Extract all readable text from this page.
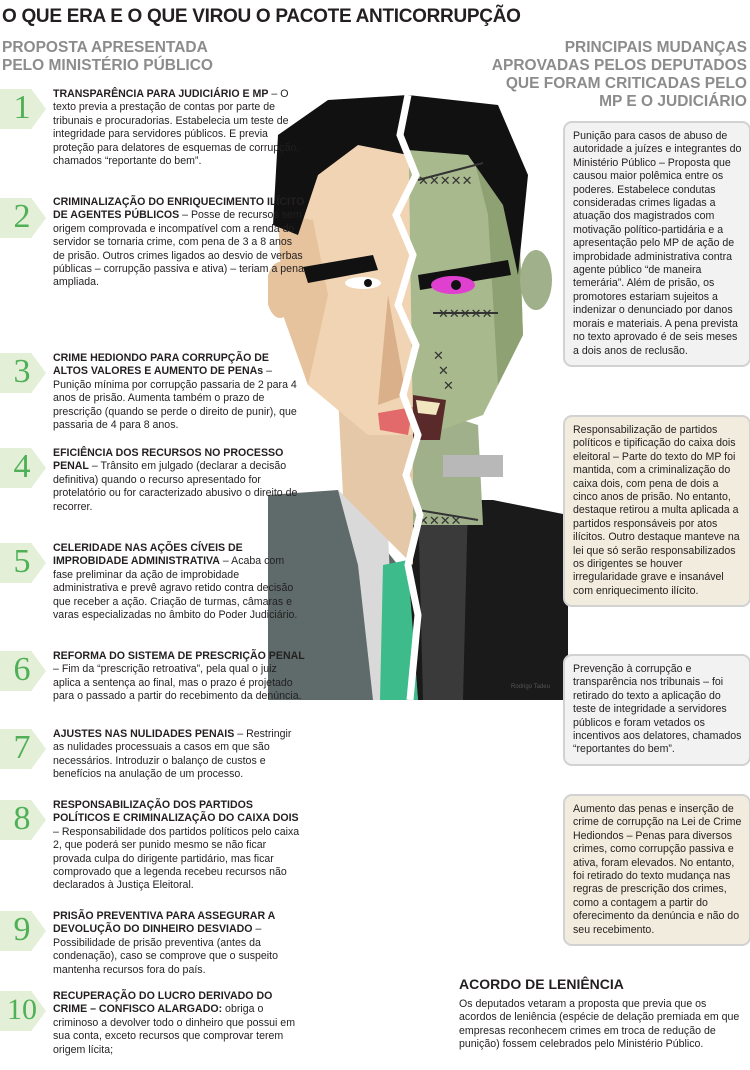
O QUE ERA E O QUE VIROU O PACOTE ANTICORRUPÇÃO
PROPOSTA APRESENTADA
PELO MINISTÉRIO PÚBLICO
PRINCIPAIS MUDANÇAS
APROVADAS PELOS DEPUTADOS
QUE FORAM CRITICADAS PELO
MP E O JUDICIÁRIO
✕✕✕✕✕
✕✕✕✕✕
✕✕✕✕
✕
✕
✕
Rodrigo Tadeu
1	TRANSPARÊNCIA PARA JUDICIÁRIO E MP – O texto previa a prestação de contas por parte de tribunais e procuradorias. Estabelecia um teste de integridade para servidores públicos. E previa proteção para delatores de esquemas de corrupção, chamados “reportante do bem”.
2	CRIMINALIZAÇÃO DO ENRIQUECIMENTO ILÍCITO DE AGENTES PÚBLICOS – Posse de recursos sem origem comprovada e incompatível com a renda do servidor se tornaria crime, com pena de 3 a 8 anos de prisão. Outros crimes ligados ao desvio de verbas públicas – corrupção passiva e ativa) – teriam a pena ampliada.
3	CRIME HEDIONDO PARA CORRUPÇÃO DE ALTOS VALORES E AUMENTO DE PENAs – Punição mínima por corrupção passaria de 2 para 4 anos de prisão. Aumenta também o prazo de prescrição (quando se perde o direito de punir), que passaria de 4 para 8 anos.
4	EFICIÊNCIA DOS RECURSOS NO PROCESSO PENAL – Trânsito em julgado (declarar a decisão definitiva) quando o recurso apresentado for protelatório ou for caracterizado abusivo o direito de recorrer.
5	CELERIDADE NAS AÇÕES CÍVEIS DE IMPROBIDADE ADMINISTRATIVA – Acaba com fase preliminar da ação de improbidade administrativa e prevê agravo retido contra decisão que receber a ação. Criação de turmas, câmaras e varas especializadas no âmbito do Poder Judiciário.
6	REFORMA DO SISTEMA DE PRESCRIÇÃO PENAL – Fim da “prescrição retroativa”, pela qual o juiz aplica a sentença ao final, mas o prazo é projetado para o passado a partir do recebimento da denúncia.
7	AJUSTES NAS NULIDADES PENAIS – Restringir as nulidades processuais a casos em que são necessários. Introduzir o balanço de custos e benefícios na anulação de um processo.
8	RESPONSABILIZAÇÃO DOS PARTIDOS POLÍTICOS E CRIMINALIZAÇÃO DO CAIXA DOIS – Responsabilidade dos partidos políticos pelo caixa 2, que poderá ser punido mesmo se não ficar provada culpa do dirigente partidário, mas ficar comprovado que a legenda recebeu recursos não declarados à Justiça Eleitoral.
9	PRISÃO PREVENTIVA PARA ASSEGURAR A DEVOLUÇÃO DO DINHEIRO DESVIADO – Possibilidade de prisão preventiva (antes da condenação), caso se comprove que o suspeito mantenha recursos fora do país.
10	RECUPERAÇÃO DO LUCRO DERIVADO DO CRIME – CONFISCO ALARGADO: obriga o criminoso a devolver todo o dinheiro que possui em sua conta, exceto recursos que comprovar terem origem lícita;
Punição para casos de abuso de autoridade a juízes e integrantes do Ministério Público – Proposta que causou maior polêmica entre os poderes. Estabelece condutas consideradas crimes ligadas a atuação dos magistrados com motivação político-partidária e a apresentação pelo MP de ação de improbidade administrativa contra agente público “de maneira temerária”. Além de prisão, os promotores estariam sujeitos a indenizar o denunciado por danos morais e materiais. A pena prevista no texto aprovado é de seis meses a dois anos de reclusão.
Responsabilização de partidos políticos e tipificação do caixa dois eleitoral – Parte do texto do MP foi mantida, com a criminalização do caixa dois, com pena de dois a cinco anos de prisão. No entanto, destaque retirou a multa aplicada a partidos responsáveis por atos ilícitos. Outro destaque manteve na lei que só serão responsabilizados os dirigentes se houver irregularidade grave e insanável com enriquecimento ilícito.
Prevenção à corrupção e transparência nos tribunais – foi retirado do texto a aplicação do teste de integridade a servidores públicos e foram vetados os incentivos aos delatores, chamados “reportantes do bem”.
Aumento das penas e inserção de crime de corrupção na Lei de Crime Hediondos – Penas para diversos crimes, como corrupção passiva e ativa, foram elevados. No entanto, foi retirado do texto mudança nas regras de prescrição dos crimes, como a contagem a partir do oferecimento da denúncia e não do seu recebimento.
ACORDO DE LENIÊNCIA
Os deputados vetaram a proposta que previa que os acordos de leniência (espécie de delação premiada em que empresas reconhecem crimes em troca de redução de punição) fossem celebrados pelo Ministério Público.
